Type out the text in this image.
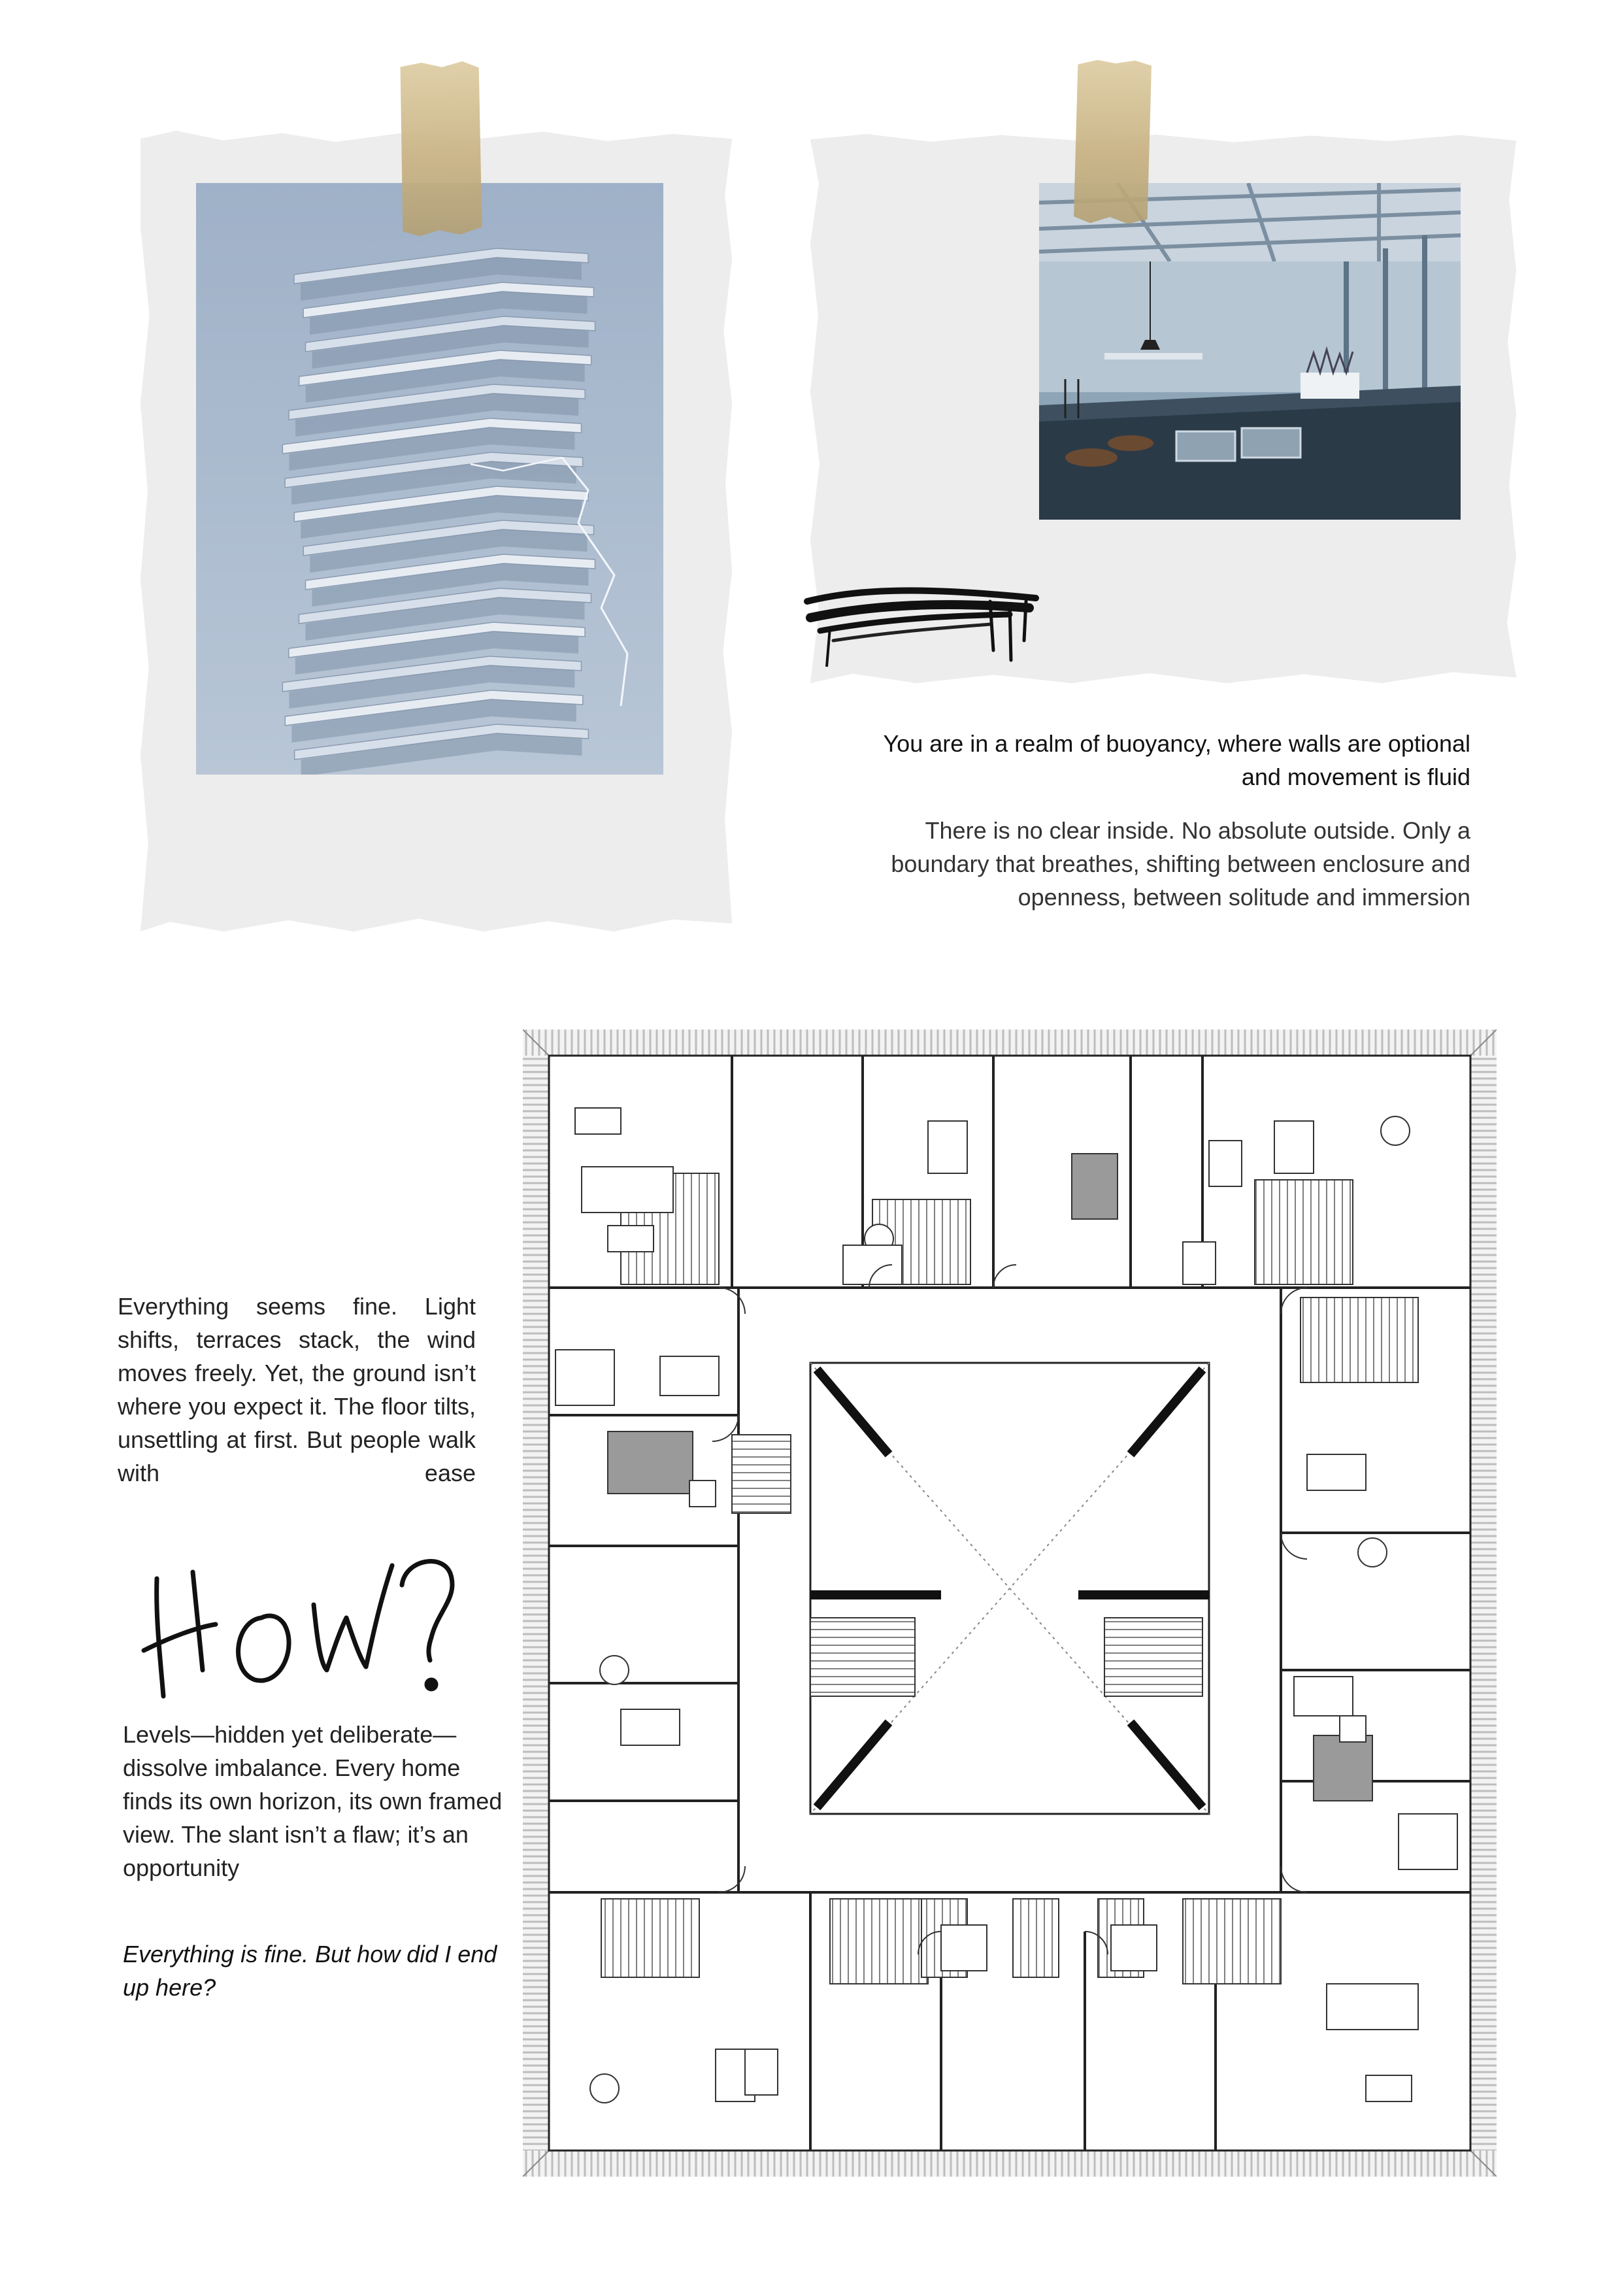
You are in a realm of buoyancy, where walls are optional and movement is fluid

There is no clear inside. No absolute outside. Only a boundary that breathes, shifting between enclosure and openness, between solitude and immersion

Everything seems fine. Light shifts, terraces stack, the wind moves freely. Yet, the ground isn’t where you expect it. The floor tilts, unsettling at first. But people walk with ease

Levels—hidden yet deliberate—dissolve imbalance. Every home finds its own horizon, its own framed view. The slant isn’t a flaw; it’s an opportunity

Everything is fine. But how did I end up here?
